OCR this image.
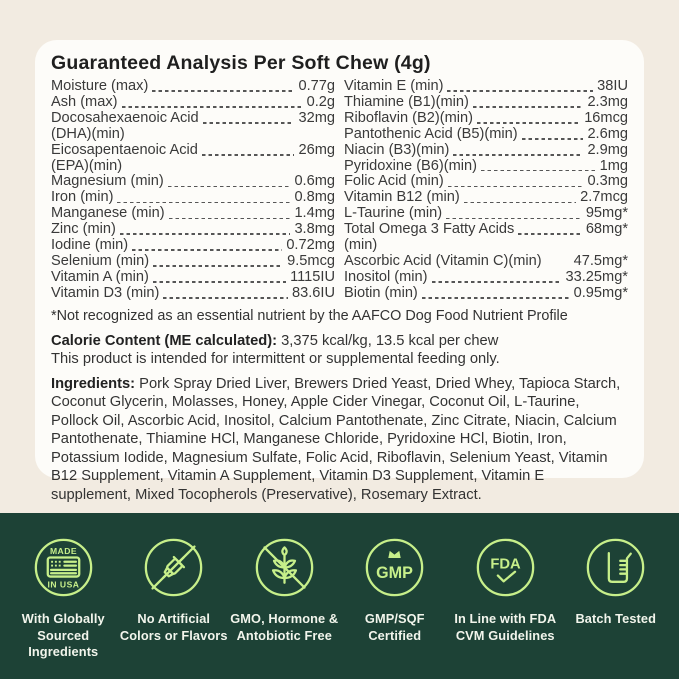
Guaranteed Analysis Per Soft Chew (4g)
Moisture (max)	0.77g
Ash (max)	0.2g
Docosahexaenoic Acid	32mg
(DHA)(min)
Eicosapentaenoic Acid	26mg
(EPA)(min)
Magnesium (min)	0.6mg
Iron (min)	0.8mg
Manganese (min)	1.4mg
Zinc (min)	3.8mg
Iodine (min)	0.72mg
Selenium (min)	9.5mcg
Vitamin A (min)	1115IU
Vitamin D3 (min)	83.6IU
Vitamin E (min)	38IU
Thiamine (B1)(min)	2.3mg
Riboflavin (B2)(min)	16mcg
Pantothenic Acid (B5)(min)	2.6mg
Niacin (B3)(min)	2.9mg
Pyridoxine (B6)(min)	1mg
Folic Acid (min)	0.3mg
Vitamin B12 (min)	2.7mcg
L-Taurine (min)	95mg*
Total Omega 3 Fatty Acids	68mg*
(min)
Ascorbic Acid (Vitamin C)(min) 47.5mg*
Inositol (min)	33.25mg*
Biotin (min)	0.95mg*
*Not recognized as an essential nutrient by the AAFCO Dog Food Nutrient Profile
Calorie Content (ME calculated): 3,375 kcal/kg, 13.5 kcal per chew
This product is intended for intermittent or supplemental feeding only.
Ingredients: Pork Spray Dried Liver, Brewers Dried Yeast, Dried Whey, Tapioca Starch, Coconut Glycerin, Molasses, Honey, Apple Cider Vinegar, Coconut Oil, L-Taurine, Pollock Oil, Ascorbic Acid, Inositol, Calcium Pantothenate, Zinc Citrate, Niacin, Calcium Pantothenate, Thiamine HCl, Manganese Chloride, Pyridoxine HCl, Biotin, Iron, Potassium Iodide, Magnesium Sulfate, Folic Acid, Riboflavin, Selenium Yeast, Vitamin B12 Supplement, Vitamin A Supplement, Vitamin D3 Supplement, Vitamin E supplement, Mixed Tocopherols (Preservative), Rosemary Extract.
MADE
IN USA
With Globally
Sourced
Ingredients
No Artificial
Colors or Flavors
GMO, Hormone &
Antobiotic Free
GMP
GMP/SQF
Certified
FDA
In Line with FDA
CVM Guidelines
Batch Tested
